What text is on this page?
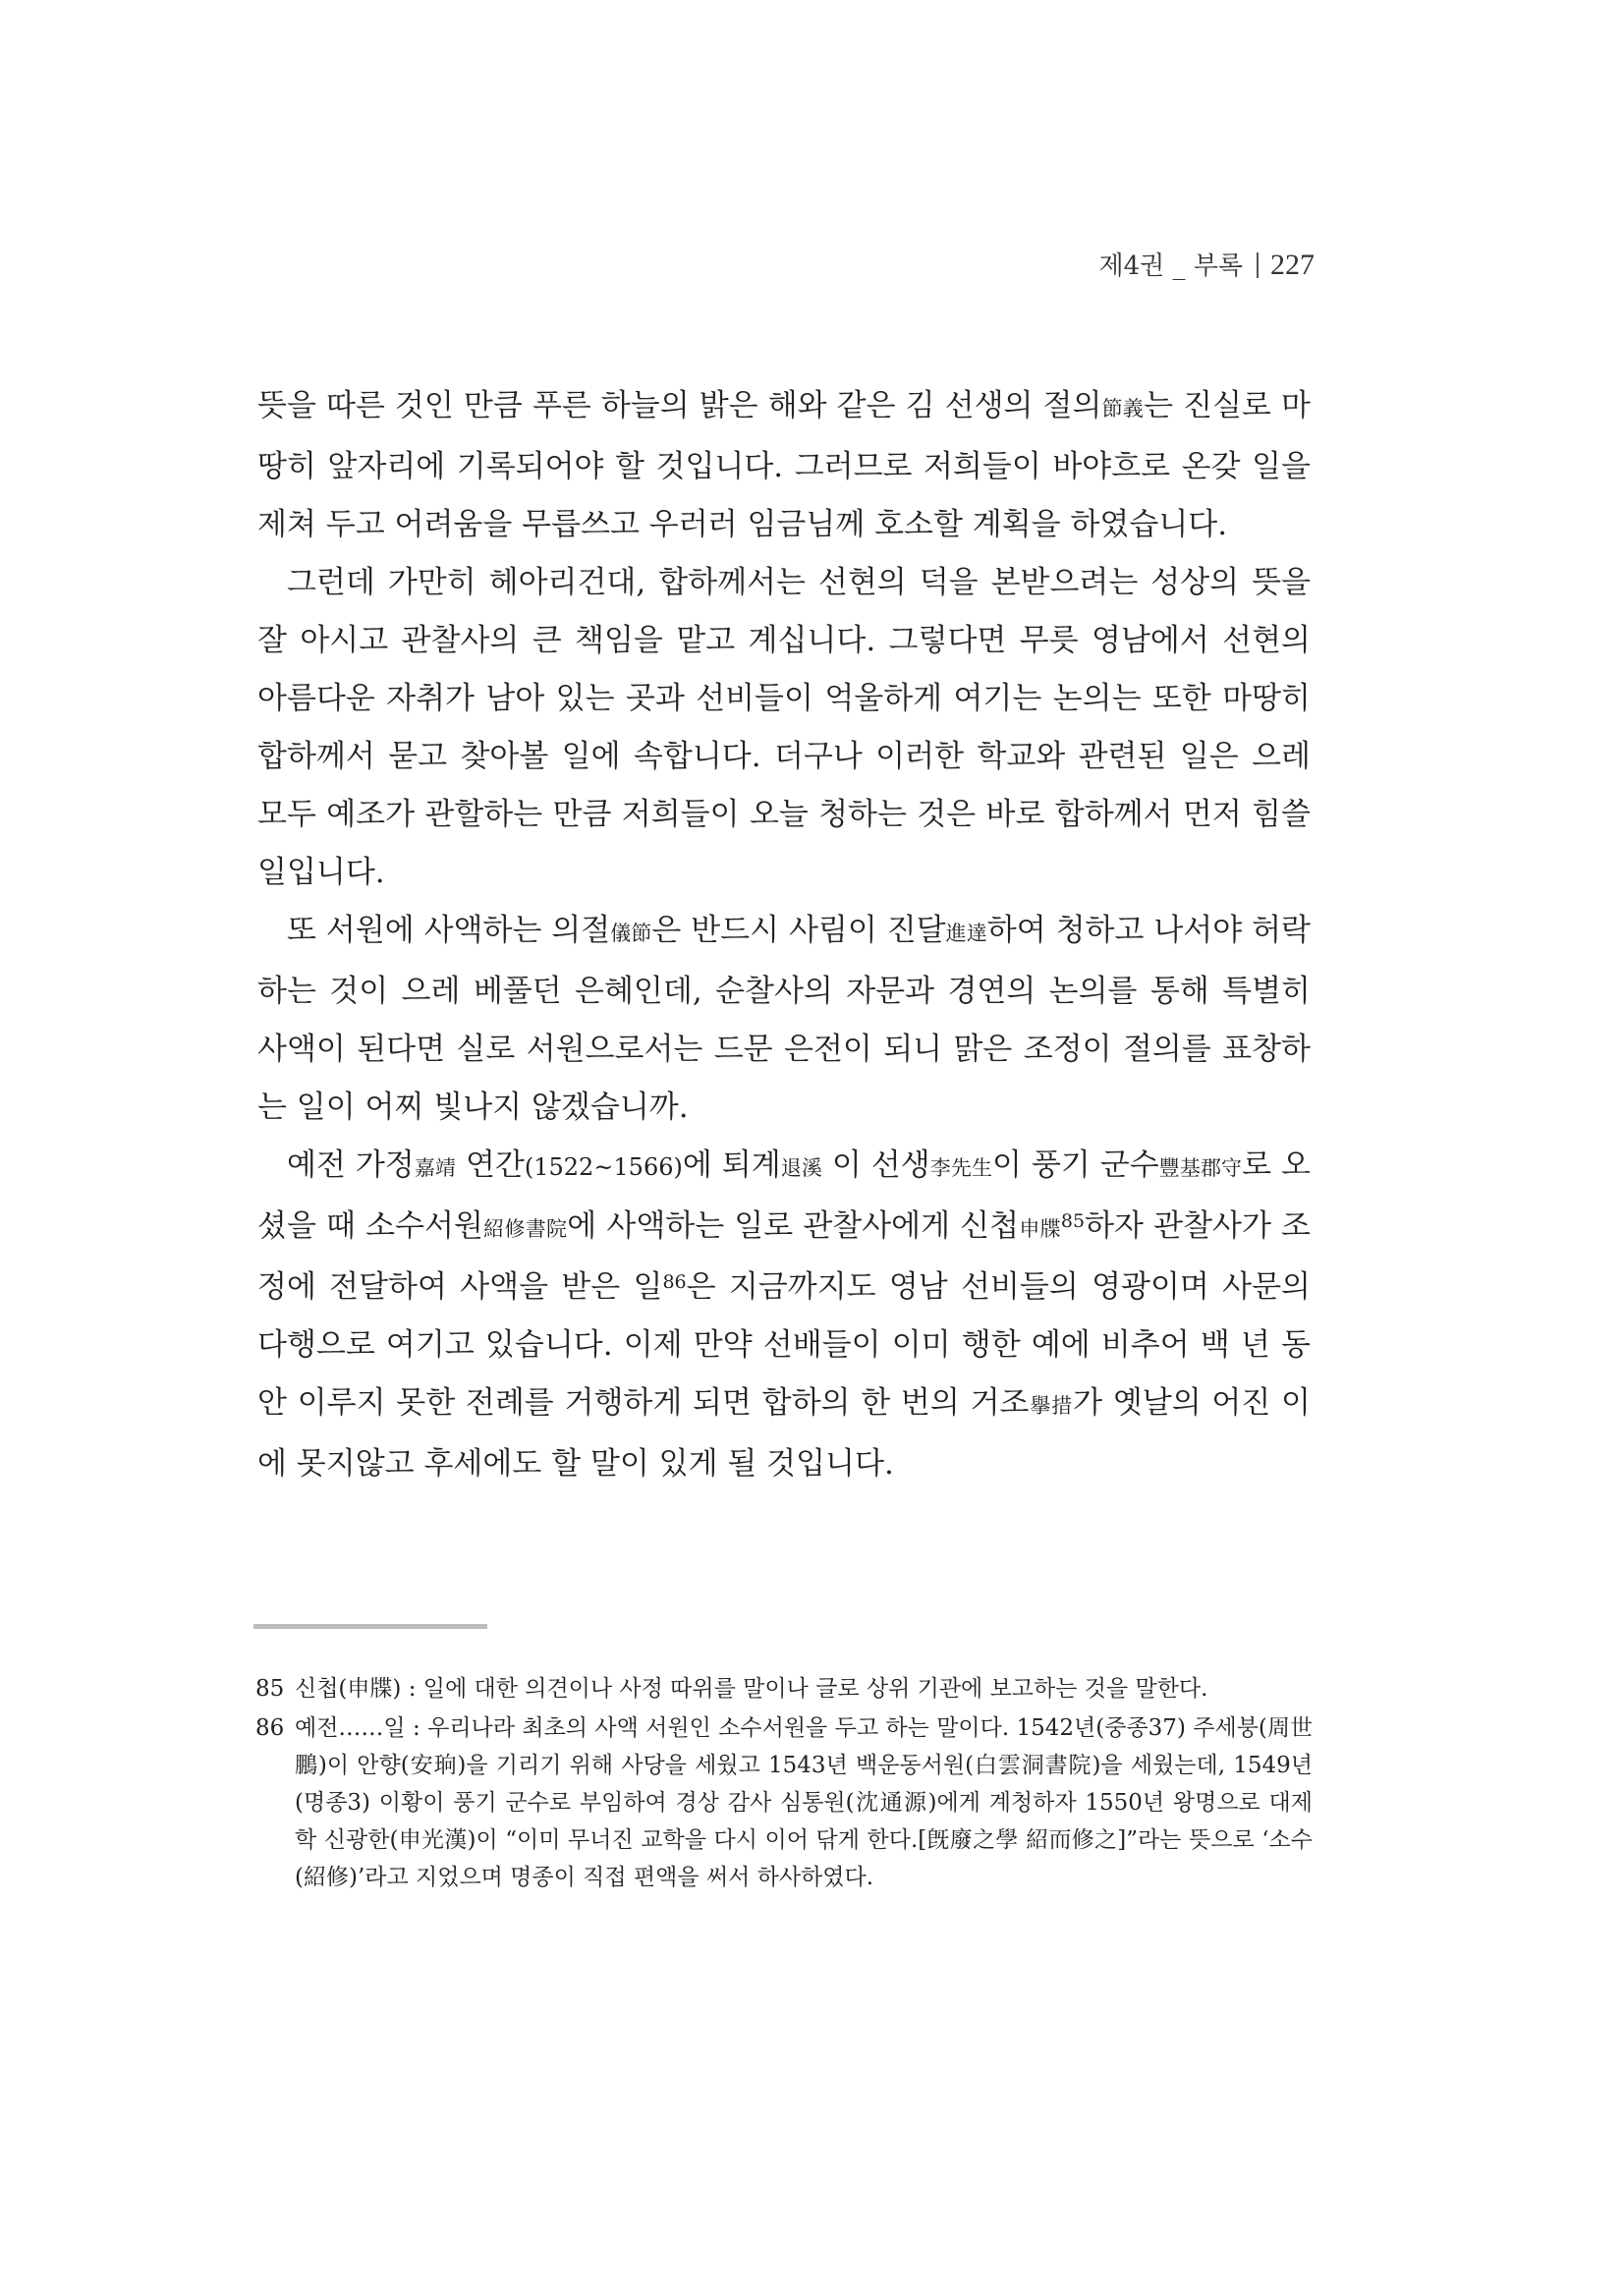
제4권 _ 부록 227

뜻을 따른 것인 만큼 푸른 하늘의 밝은 해와 같은 김 선생의 절의節義는 진실로 마땅히 앞자리에 기록되어야 할 것입니다. 그러므로 저희들이 바야흐로 온갖 일을 제쳐 두고 어려움을 무릅쓰고 우러러 임금님께 호소할 계획을 하였습니다.

그런데 가만히 헤아리건대, 합하께서는 선현의 덕을 본받으려는 성상의 뜻을 잘 아시고 관찰사의 큰 책임을 맡고 계십니다. 그렇다면 무릇 영남에서 선현의 아름다운 자취가 남아 있는 곳과 선비들이 억울하게 여기는 논의는 또한 마땅히 합하께서 묻고 찾아볼 일에 속합니다. 더구나 이러한 학교와 관련된 일은 으레 모두 예조가 관할하는 만큼 저희들이 오늘 청하는 것은 바로 합하께서 먼저 힘쓸 일입니다.

또 서원에 사액하는 의절儀節은 반드시 사림이 진달進達하여 청하고 나서야 허락하는 것이 으레 베풀던 은혜인데, 순찰사의 자문과 경연의 논의를 통해 특별히 사액이 된다면 실로 서원으로서는 드문 은전이 되니 맑은 조정이 절의를 표창하는 일이 어찌 빛나지 않겠습니까.

예전 가정嘉靖 연간(1522~1566)에 퇴계退溪 이 선생李先生이 풍기 군수豐基郡守로 오셨을 때 소수서원紹修書院에 사액하는 일로 관찰사에게 신첩申牒$^{85}$하자 관찰사가 조정에 전달하여 사액을 받은 일$^{86}$은 지금까지도 영남 선비들의 영광이며 사문의 다행으로 여기고 있습니다. 이제 만약 선배들이 이미 행한 예에 비추어 백 년 동안 이루지 못한 전례를 거행하게 되면 합하의 한 번의 거조擧措가 옛날의 어진 이에 못지않고 후세에도 할 말이 있게 될 것입니다.

85 신첩(申牒) : 일에 대한 의견이나 사정 따위를 말이나 글로 상위 기관에 보고하는 것을 말한다.
86 예전……일 : 우리나라 최초의 사액 서원인 소수서원을 두고 하는 말이다. 1542년(중종37) 주세붕(周世鵬)이 안향(安珦)을 기리기 위해 사당을 세웠고 1543년 백운동서원(白雲洞書院)을 세웠는데, 1549년(명종3) 이황이 풍기 군수로 부임하여 경상 감사 심통원(沈通源)에게 계청하자 1550년 왕명으로 대제학 신광한(申光漢)이 “이미 무너진 교학을 다시 이어 닦게 한다.[旣廢之學 紹而修之]”라는 뜻으로 ‘소수(紹修)’라고 지었으며 명종이 직접 편액을 써서 하사하였다.
